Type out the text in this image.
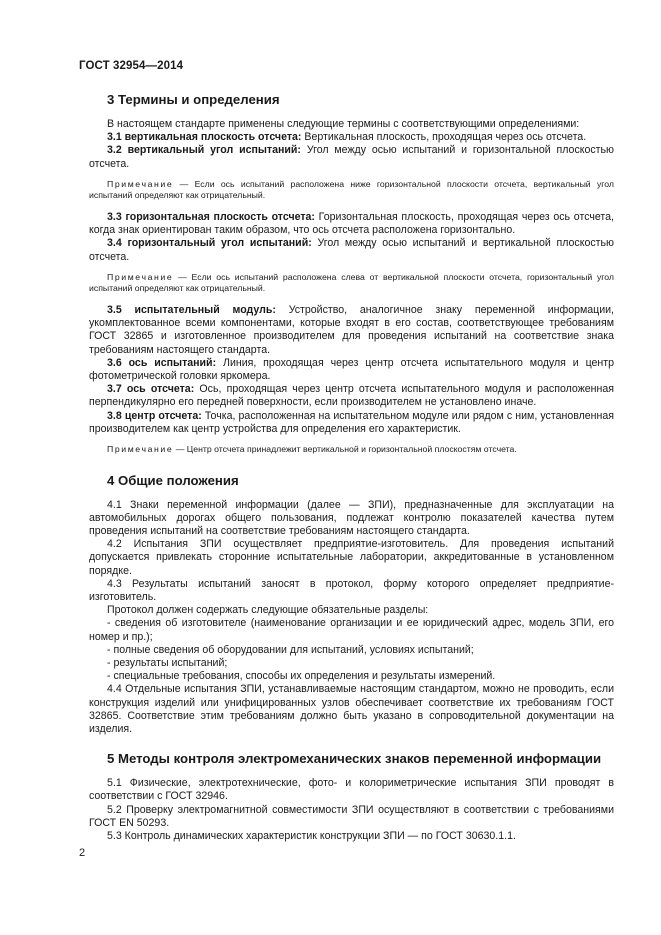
ГОСТ 32954—2014
3 Термины и определения

В настоящем стандарте применены следующие термины с соответствующими определениями:

3.1 вертикальная плоскость отсчета: Вертикальная плоскость, проходящая через ось отсчета.

3.2 вертикальный угол испытаний: Угол между осью испытаний и горизонтальной плоскостью отсчета.

Примечание — Если ось испытаний расположена ниже горизонтальной плоскости отсчета, вертикальный угол испытаний определяют как отрицательный.

3.3 горизонтальная плоскость отсчета: Горизонтальная плоскость, проходящая через ось отсчета, когда знак ориентирован таким образом, что ось отсчета расположена горизонтально.

3.4 горизонтальный угол испытаний: Угол между осью испытаний и вертикальной плоскостью отсчета.

Примечание — Если ось испытаний расположена слева от вертикальной плоскости отсчета, горизонтальный угол испытаний определяют как отрицательный.

3.5 испытательный модуль: Устройство, аналогичное знаку переменной информации, укомплектованное всеми компонентами, которые входят в его состав, соответствующее требованиям ГОСТ 32865 и изготовленное производителем для проведения испытаний на соответствие знака требованиям настоящего стандарта.

3.6 ось испытаний: Линия, проходящая через центр отсчета испытательного модуля и центр фотометрической головки яркомера.

3.7 ось отсчета: Ось, проходящая через центр отсчета испытательного модуля и расположенная перпендикулярно его передней поверхности, если производителем не установлено иначе.

3.8 центр отсчета: Точка, расположенная на испытательном модуле или рядом с ним, установленная производителем как центр устройства для определения его характеристик.

Примечание — Центр отсчета принадлежит вертикальной и горизонтальной плоскостям отсчета.

4 Общие положения

4.1 Знаки переменной информации (далее — ЗПИ), предназначенные для эксплуатации на автомобильных дорогах общего пользования, подлежат контролю показателей качества путем проведения испытаний на соответствие требованиям настоящего стандарта.

4.2 Испытания ЗПИ осуществляет предприятие-изготовитель. Для проведения испытаний допускается привлекать сторонние испытательные лаборатории, аккредитованные в установленном порядке.

4.3 Результаты испытаний заносят в протокол, форму которого определяет предприятие-изготовитель.

Протокол должен содержать следующие обязательные разделы:

- сведения об изготовителе (наименование организации и ее юридический адрес, модель ЗПИ, его номер и пр.);

- полные сведения об оборудовании для испытаний, условиях испытаний;

- результаты испытаний;

- специальные требования, способы их определения и результаты измерений.

4.4 Отдельные испытания ЗПИ, устанавливаемые настоящим стандартом, можно не проводить, если конструкция изделий или унифицированных узлов обеспечивает соответствие их требованиям ГОСТ 32865. Соответствие этим требованиям должно быть указано в сопроводительной документации на изделия.

5 Методы контроля электромеханических знаков переменной информации

5.1 Физические, электротехнические, фото- и колориметрические испытания ЗПИ проводят в соответствии с ГОСТ 32946.

5.2 Проверку электромагнитной совместимости ЗПИ осуществляют в соответствии с требованиями ГОСТ EN 50293.

5.3 Контроль динамических характеристик конструкции ЗПИ — по ГОСТ 30630.1.1.

2
